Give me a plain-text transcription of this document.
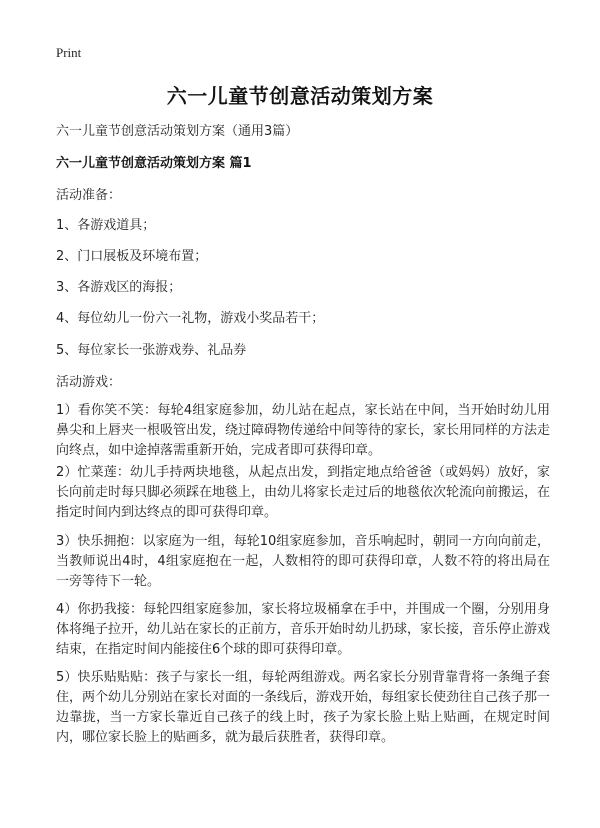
Print
六一儿童节创意活动策划方案
六一儿童节创意活动策划方案（通用3篇）
六一儿童节创意活动策划方案 篇1
活动准备：
1、各游戏道具；
2、门口展板及环境布置；
3、各游戏区的海报；
4、每位幼儿一份六一礼物，游戏小奖品若干；
5、每位家长一张游戏券、礼品券
活动游戏：

1）看你笑不笑：每轮4组家庭参加，幼儿站在起点，家长站在中间，当开始时幼儿用鼻尖和上唇夹一根吸管出发，绕过障碍物传递给中间等待的家长，家长用同样的方法走向终点，如中途掉落需重新开始，完成者即可获得印章。

2）忙菜莲：幼儿手持两块地毯，从起点出发，到指定地点给爸爸（或妈妈）放好，家长向前走时每只脚必须踩在地毯上，由幼儿将家长走过后的地毯依次轮流向前搬运，在指定时间内到达终点的即可获得印章。

3）快乐拥抱：以家庭为一组，每轮10组家庭参加，音乐响起时，朝同一方向向前走，当教师说出4时，4组家庭抱在一起，人数相符的即可获得印章，人数不符的将出局在一旁等待下一轮。

4）你扔我接：每轮四组家庭参加，家长将垃圾桶拿在手中，并围成一个圈，分别用身体将绳子拉开，幼儿站在家长的正前方，音乐开始时幼儿扔球，家长接，音乐停止游戏结束，在指定时间内能接住6个球的即可获得印章。

5）快乐贴贴贴：孩子与家长一组，每轮两组游戏。两名家长分别背靠背将一条绳子套住，两个幼儿分别站在家长对面的一条线后，游戏开始，每组家长使劲往自己孩子那一边靠拢，当一方家长靠近自己孩子的线上时，孩子为家长脸上贴上贴画，在规定时间内，哪位家长脸上的贴画多，就为最后获胜者，获得印章。
